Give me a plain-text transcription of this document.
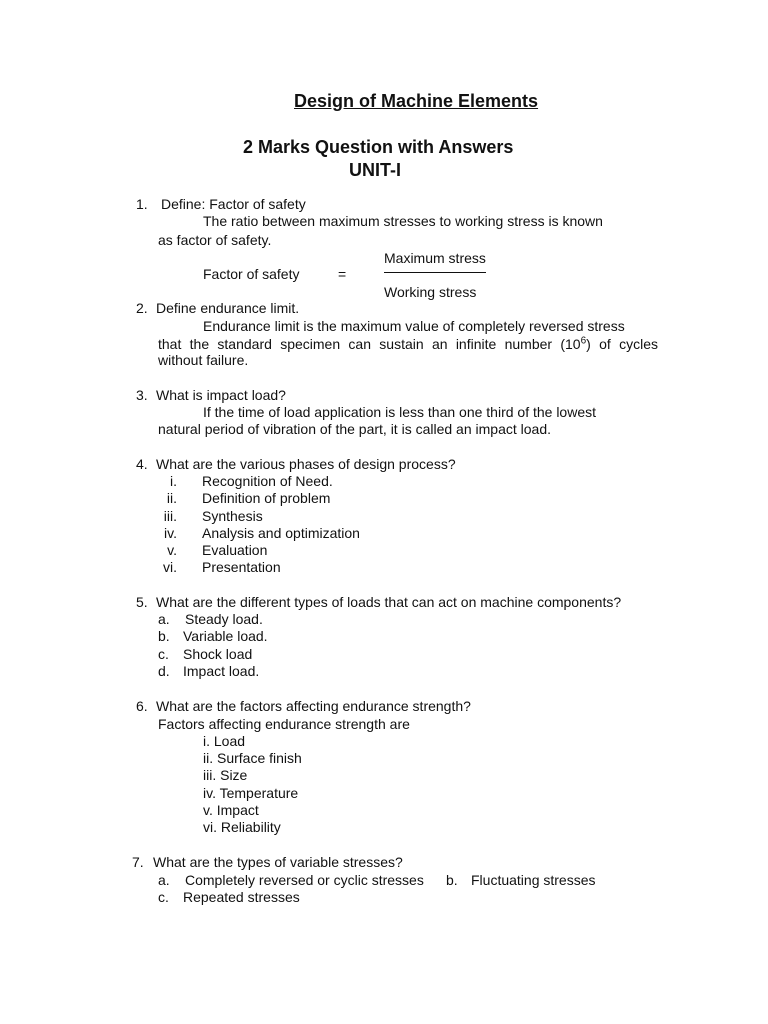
Design of Machine Elements
2 Marks Question with Answers
UNIT-I
1. Define: Factor of safety
The ratio between maximum stresses to working stress is known
as factor of safety.
Maximum stress
Factor of safety	=
Working stress
2. Define endurance limit.
Endurance limit is the maximum value of completely reversed stress
that the standard specimen can sustain an infinite number $(10^6)$ of cycles
without failure.
3. What is impact load?
If the time of load application is less than one third of the lowest
natural period of vibration of the part, it is called an impact load.
4. What are the various phases of design process?
i. Recognition of Need.
ii. Definition of problem
iii. Synthesis
iv. Analysis and optimization
v. Evaluation
vi. Presentation
5. What are the different types of loads that can act on machine components?
a. Steady load.
b. Variable load.
c. Shock load
d. Impact load.
6. What are the factors affecting endurance strength?
Factors affecting endurance strength are
i. Load
ii. Surface finish
iii. Size
iv. Temperature
v. Impact
vi. Reliability
7. What are the types of variable stresses?
a. Completely reversed or cyclic stresses b. Fluctuating stresses
c. Repeated stresses
